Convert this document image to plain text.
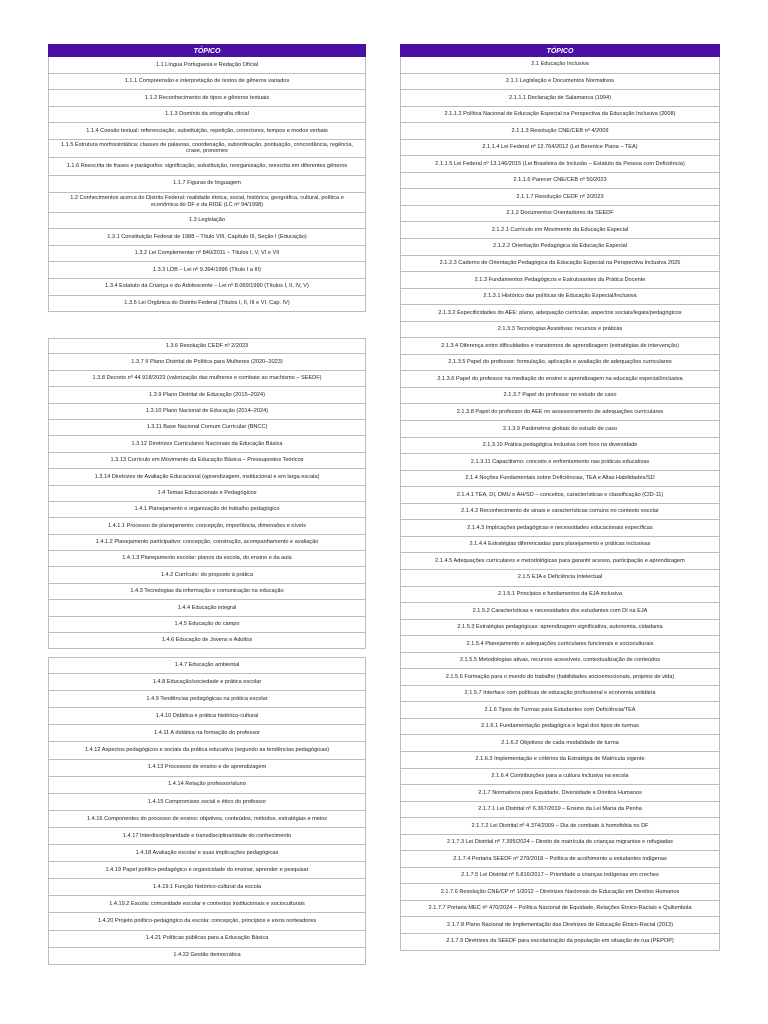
TÓPICO
1.1 Língua Portuguesa e Redação Oficial
1.1.1 Compreensão e interpretação de textos de gêneros variados
1.1.2 Reconhecimento de tipos e gêneros textuais
1.1.3 Domínio da ortografia oficial
1.1.4 Coesão textual: referenciação, substituição, repetição, conectores, tempos e modos verbais
1.1.5 Estrutura morfossintática: classes de palavras, coordenação, subordinação, pontuação, concordância, regência, crase, pronomes
1.1.6 Reescrita de frases e parágrafos: significação, substituição, reorganização, reescrita em diferentes gêneros
1.1.7 Figuras de linguagem
1.2 Conhecimentos acerca do Distrito Federal: realidade étnica, social, histórica, geográfica, cultural, política e econômica do DF e da RIDE (LC nº 94/1998)
1.3 Legislação
1.3.1 Constituição Federal de 1988 – Título VIII, Capítulo III, Seção I (Educação)
1.3.2 Lei Complementar nº 840/2011 – Títulos I, V, VI e VII
1.3.3 LDB – Lei nº 9.394/1996 (Título I a III)
1.3.4 Estatuto da Criança e do Adolescente – Lei nº 8.069/1990 (Títulos I, II, IV, V)
1.3.5 Lei Orgânica do Distrito Federal (Títulos I, II, III e VI, Cap. IV)
1.3.6 Resolução CEDF nº 2/2023
1.3.7 II Plano Distrital de Política para Mulheres (2020–2023)
1.3.8 Decreto nº 44.918/2023 (valorização das mulheres e combate ao machismo – SEEDF)
1.3.9 Plano Distrital de Educação (2015–2024)
1.3.10 Plano Nacional de Educação (2014–2024)
1.3.11 Base Nacional Comum Curricular (BNCC)
1.3.12 Diretrizes Curriculares Nacionais da Educação Básica
1.3.13 Currículo em Movimento da Educação Básica – Pressupostos Teóricos
1.3.14 Diretrizes de Avaliação Educacional (aprendizagem, institucional e em larga escala)
1.4 Temas Educacionais e Pedagógicos
1.4.1 Planejamento e organização do trabalho pedagógico
1.4.1.1 Processo de planejamento: concepção, importância, dimensões e níveis
1.4.1.2 Planejamento participativo: concepção, construção, acompanhamento e avaliação
1.4.1.3 Planejamento escolar: planos da escola, do ensino e da aula
1.4.2 Currículo: do proposto à prática
1.4.3 Tecnologias da informação e comunicação na educação
1.4.4 Educação integral
1.4.5 Educação do campo
1.4.6 Educação de Jovens e Adultos
1.4.7 Educação ambiental
1.4.8 Educação/sociedade e prática escolar
1.4.9 Tendências pedagógicas na prática escolar
1.4.10 Didática e prática histórico-cultural
1.4.11 A didática na formação do professor
1.4.12 Aspectos pedagógicos e sociais da prática educativa (segundo as tendências pedagógicas)
1.4.13 Processos de ensino e de aprendizagem
1.4.14 Relação professor/aluno
1.4.15 Compromisso social e ético do professor
1.4.16 Componentes do processo de ensino: objetivos, conteúdos, métodos, estratégias e meios
1.4.17 Interdisciplinaridade e transdisciplinaridade do conhecimento
1.4.18 Avaliação escolar e suas implicações pedagógicas
1.4.19 Papel político-pedagógico e organicidade do ensinar, aprender e pesquisar
1.4.19.1 Função histórico-cultural da escola
1.4.19.2 Escola: comunidade escolar e contextos institucionais e socioculturais
1.4.20 Projeto político-pedagógico da escola: concepção, princípios e eixos norteadores
1.4.21 Políticas públicas para a Educação Básica
1.4.22 Gestão democrática
TÓPICO
2.1 Educação Inclusiva
2.1.1 Legislação e Documentos Normativos
2.1.1.1 Declaração de Salamanca (1994)
2.1.1.2 Política Nacional de Educação Especial na Perspectiva da Educação Inclusiva (2008)
2.1.1.3 Resolução CNE/CEB nº 4/2009
2.1.1.4 Lei Federal nº 12.764/2012 (Lei Berenice Piana – TEA)
2.1.1.5 Lei Federal nº 13.146/2015 (Lei Brasileira de Inclusão – Estatuto da Pessoa com Deficiência)
2.1.1.6 Parecer CNE/CEB nº 50/2023
2.1.1.7 Resolução CEDF nº 3/2023
2.1.2 Documentos Orientadores da SEEDF
2.1.2.1 Currículo em Movimento da Educação Especial
2.1.2.2 Orientação Pedagógica da Educação Especial
2.1.2.3 Caderno de Orientação Pedagógica da Educação Especial na Perspectiva Inclusiva 2025
2.1.3 Fundamentos Pedagógicos e Estruturantes da Prática Docente
2.1.3.1 Histórico das políticas de Educação Especial/Inclusiva
2.1.3.2 Especificidades do AEE: plano, adequação curricular, aspectos sociais/legais/pedagógicos
2.1.3.3 Tecnologias Assistivas: recursos e práticas
2.1.3.4 Diferença entre dificuldades e transtornos de aprendizagem (estratégias de intervenção)
2.1.3.5 Papel do professor: formulação, aplicação e avaliação de adequações curriculares
2.1.3.6 Papel do professor na mediação do ensino e aprendizagem na educação especial/inclusiva
2.1.3.7 Papel do professor no estudo de caso
2.1.3.8 Papel do professor do AEE no assessoramento de adequações curriculares
2.1.3.9 Parâmetros globais do estudo de caso
2.1.3.10 Prática pedagógica inclusiva com foco na diversidade
2.1.3.11 Capacitismo: conceito e enfrentamento nas práticas educativas
2.1.4 Noções Fundamentais sobre Deficiências, TEA e Altas Habilidades/SD
2.1.4.1 TEA, DI, DMU e AH/SD – conceitos, características e classificação (CID-11)
2.1.4.2 Reconhecimento de sinais e características comuns no contexto escolar
2.1.4.3 Implicações pedagógicas e necessidades educacionais específicas
2.1.4.4 Estratégias diferenciadas para planejamento e práticas inclusivas
2.1.4.5 Adequações curriculares e metodológicas para garantir acesso, participação e aprendizagem
2.1.5 EJA e Deficiência Intelectual
2.1.5.1 Princípios e fundamentos da EJA inclusiva
2.1.5.2 Características e necessidades dos estudantes com DI na EJA
2.1.5.3 Estratégias pedagógicas: aprendizagem significativa, autonomia, cidadania
2.1.5.4 Planejamento e adequações curriculares funcionais e socioculturais
2.1.5.5 Metodologias ativas, recursos acessíveis, contextualização de conteúdos
2.1.5.6 Formação para o mundo do trabalho (habilidades socioemocionais, projetos de vida)
2.1.5.7 Interface com políticas de educação profissional e economia solidária
2.1.6 Tipos de Turmas para Estudantes com Deficiência/TEA
2.1.6.1 Fundamentação pedagógica e legal dos tipos de turmas
2.1.6.2 Objetivos de cada modalidade de turma
2.1.6.3 Implementação e critérios da Estratégia de Matrícula vigente
2.1.6.4 Contribuições para a cultura inclusiva na escola
2.1.7 Normativos para Equidade, Diversidade e Direitos Humanos
2.1.7.1 Lei Distrital nº 6.367/2019 – Ensino da Lei Maria da Penha
2.1.7.2 Lei Distrital nº 4.374/2009 – Dia de combate à homofobia no DF
2.1.7.3 Lei Distrital nº 7.395/2024 – Direito de matrícula de crianças migrantes e refugiadas
2.1.7.4 Portaria SEEDF nº 279/2018 – Política de acolhimento a estudantes indígenas
2.1.7.5 Lei Distrital nº 5.816/2017 – Prioridade a crianças indígenas em creches
2.1.7.6 Resolução CNE/CP nº 1/2012 – Diretrizes Nacionais de Educação em Direitos Humanos
2.1.7.7 Portaria MEC nº 470/2024 – Política Nacional de Equidade, Relações Étnico-Raciais e Quilombola
2.1.7.8 Plano Nacional de Implementação das Diretrizes de Educação Étnico-Racial (2013)
2.1.7.9 Diretrizes da SEEDF para escolarização da população em situação de rua (PEPOP)
